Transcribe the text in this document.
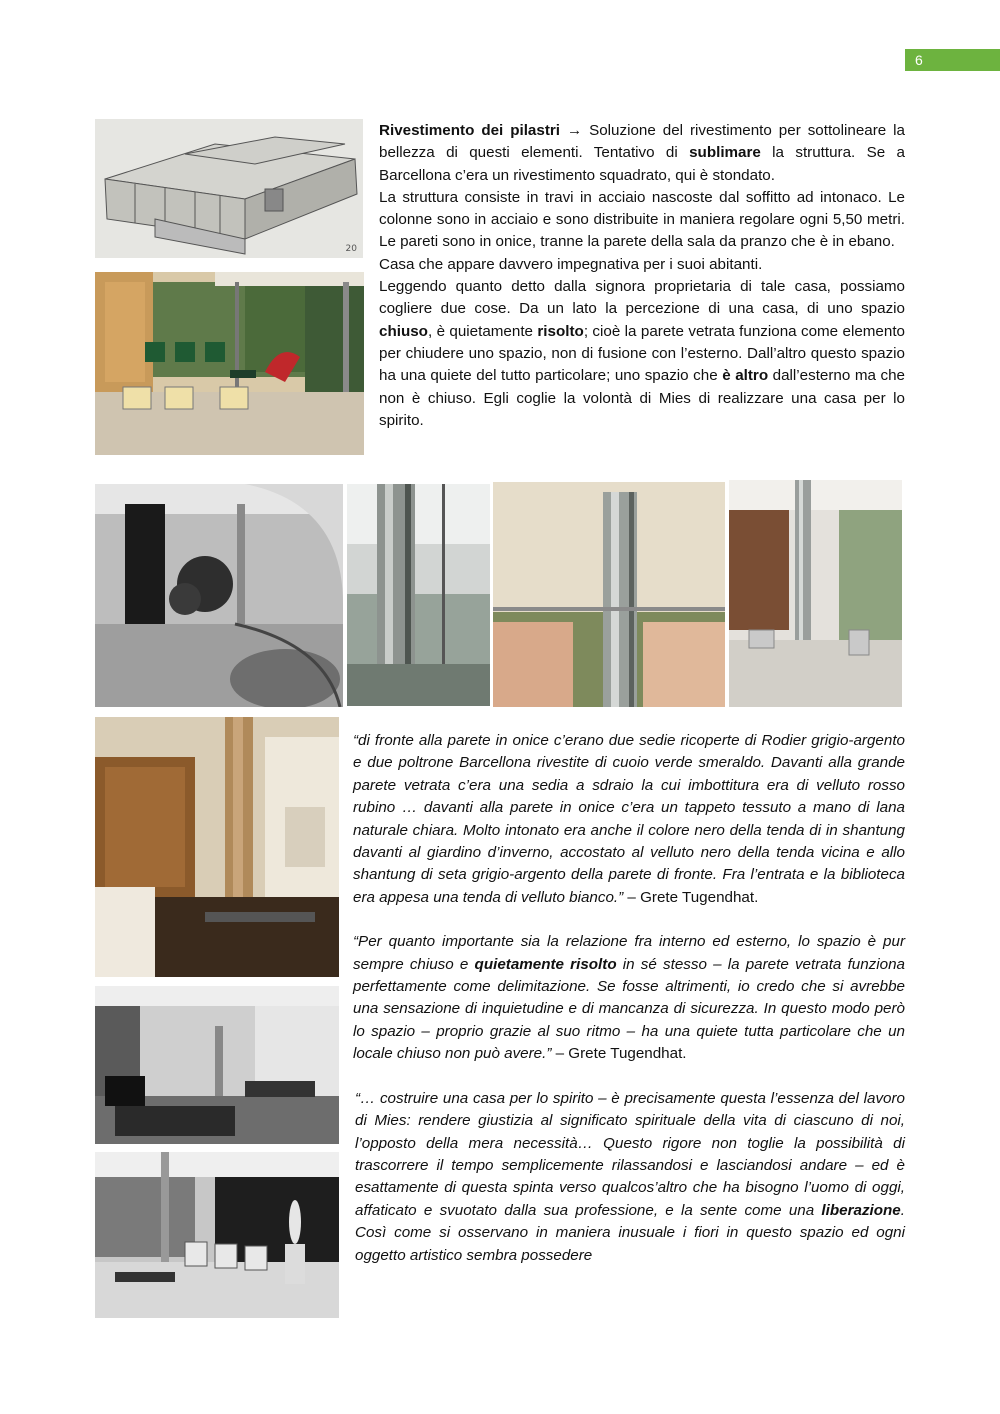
6
20

Rivestimento dei pilastri → Soluzione del rivestimento per sottolineare la bellezza di questi elementi. Tentativo di sublimare la struttura. Se a Barcellona c’era un rivestimento squadrato, qui è stondato.

La struttura consiste in travi in acciaio nascoste dal soffitto ad intonaco. Le colonne sono in acciaio e sono distribuite in maniera regolare ogni 5,50 metri. Le pareti sono in onice, tranne la parete della sala da pranzo che è in ebano.

Casa che appare davvero impegnativa per i suoi abitanti.

Leggendo quanto detto dalla signora proprietaria di tale casa, possiamo cogliere due cose. Da un lato la percezione di una casa, di uno spazio chiuso, è quietamente risolto; cioè la parete vetrata funziona come elemento per chiudere uno spazio, non di fusione con l’esterno. Dall’altro questo spazio ha una quiete del tutto particolare; uno spazio che è altro dall’esterno ma che non è chiuso. Egli coglie la volontà di Mies di realizzare una casa per lo spirito.

“di fronte alla parete in onice c’erano due sedie ricoperte di Rodier grigio-argento e due poltrone Barcellona rivestite di cuoio verde smeraldo. Davanti alla grande parete vetrata c’era una sedia a sdraio la cui imbottitura era di velluto rosso rubino … davanti alla parete in onice c’era un tappeto tessuto a mano di lana naturale chiara. Molto intonato era anche il colore nero della tenda di in shantung davanti al giardino d’inverno, accostato al velluto nero della tenda vicina e allo shantung di seta grigio-argento della parete di fronte. Fra l’entrata e la biblioteca era appesa una tenda di velluto bianco.” – Grete Tugendhat.

“Per quanto importante sia la relazione fra interno ed esterno, lo spazio è pur sempre chiuso e quietamente risolto in sé stesso – la parete vetrata funziona perfettamente come delimitazione. Se fosse altrimenti, io credo che si avrebbe una sensazione di inquietudine e di mancanza di sicurezza. In questo modo però lo spazio – proprio grazie al suo ritmo – ha una quiete tutta particolare che un locale chiuso non può avere.” – Grete Tugendhat.

“… costruire una casa per lo spirito – è precisamente questa l’essenza del lavoro di Mies: rendere giustizia al significato spirituale della vita di ciascuno di noi, l’opposto della mera necessità… Questo rigore non toglie la possibilità di trascorrere il tempo semplicemente rilassandosi e lasciandosi andare – ed è esattamente di questa spinta verso qualcos’altro che ha bisogno l’uomo di oggi, affaticato e svuotato dalla sua professione, e la sente come una liberazione. Così come si osservano in maniera inusuale i fiori in questo spazio ed ogni oggetto artistico sembra possedere
